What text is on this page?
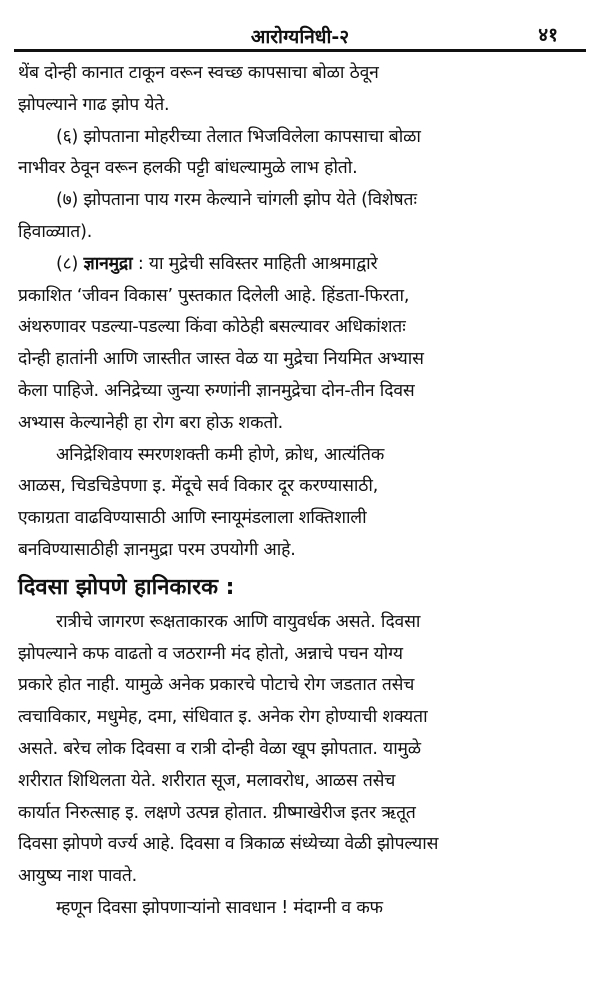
आरोग्यनिधी-२	४१
थेंब दोन्ही कानात टाकून वरून स्वच्छ कापसाचा बोळा ठेवून
झोपल्याने गाढ झोप येते.
(६) झोपताना मोहरीच्या तेलात भिजविलेला कापसाचा बोळा
नाभीवर ठेवून वरून हलकी पट्टी बांधल्यामुळे लाभ होतो.
(७) झोपताना पाय गरम केल्याने चांगली झोप येते (विशेषतः
हिवाळ्यात).
(८) ज्ञानमुद्रा : या मुद्रेची सविस्तर माहिती आश्रमाद्वारे
प्रकाशित ‘जीवन विकास’ पुस्तकात दिलेली आहे. हिंडता-फिरता,
अंथरुणावर पडल्या-पडल्या किंवा कोठेही बसल्यावर अधिकांशतः
दोन्ही हातांनी आणि जास्तीत जास्त वेळ या मुद्रेचा नियमित अभ्यास
केला पाहिजे. अनिद्रेच्या जुन्या रुग्णांनी ज्ञानमुद्रेचा दोन-तीन दिवस
अभ्यास केल्यानेही हा रोग बरा होऊ शकतो.
अनिद्रेशिवाय स्मरणशक्ती कमी होणे, क्रोध, आत्यंतिक
आळस, चिडचिडेपणा इ. मेंदूचे सर्व विकार दूर करण्यासाठी,
एकाग्रता वाढविण्यासाठी आणि स्नायूमंडलाला शक्तिशाली
बनविण्यासाठीही ज्ञानमुद्रा परम उपयोगी आहे.
दिवसा झोपणे हानिकारक :
रात्रीचे जागरण रूक्षताकारक आणि वायुवर्धक असते. दिवसा
झोपल्याने कफ वाढतो व जठराग्नी मंद होतो, अन्नाचे पचन योग्य
प्रकारे होत नाही. यामुळे अनेक प्रकारचे पोटाचे रोग जडतात तसेच
त्वचाविकार, मधुमेह, दमा, संधिवात इ. अनेक रोग होण्याची शक्यता
असते. बरेच लोक दिवसा व रात्री दोन्ही वेळा खूप झोपतात. यामुळे
शरीरात शिथिलता येते. शरीरात सूज, मलावरोध, आळस तसेच
कार्यात निरुत्साह इ. लक्षणे उत्पन्न होतात. ग्रीष्माखेरीज इतर ऋतूत
दिवसा झोपणे वर्ज्य आहे. दिवसा व त्रिकाळ संध्येच्या वेळी झोपल्यास
आयुष्य नाश पावते.
म्हणून दिवसा झोपणाऱ्यांनो सावधान ! मंदाग्नी व कफ
